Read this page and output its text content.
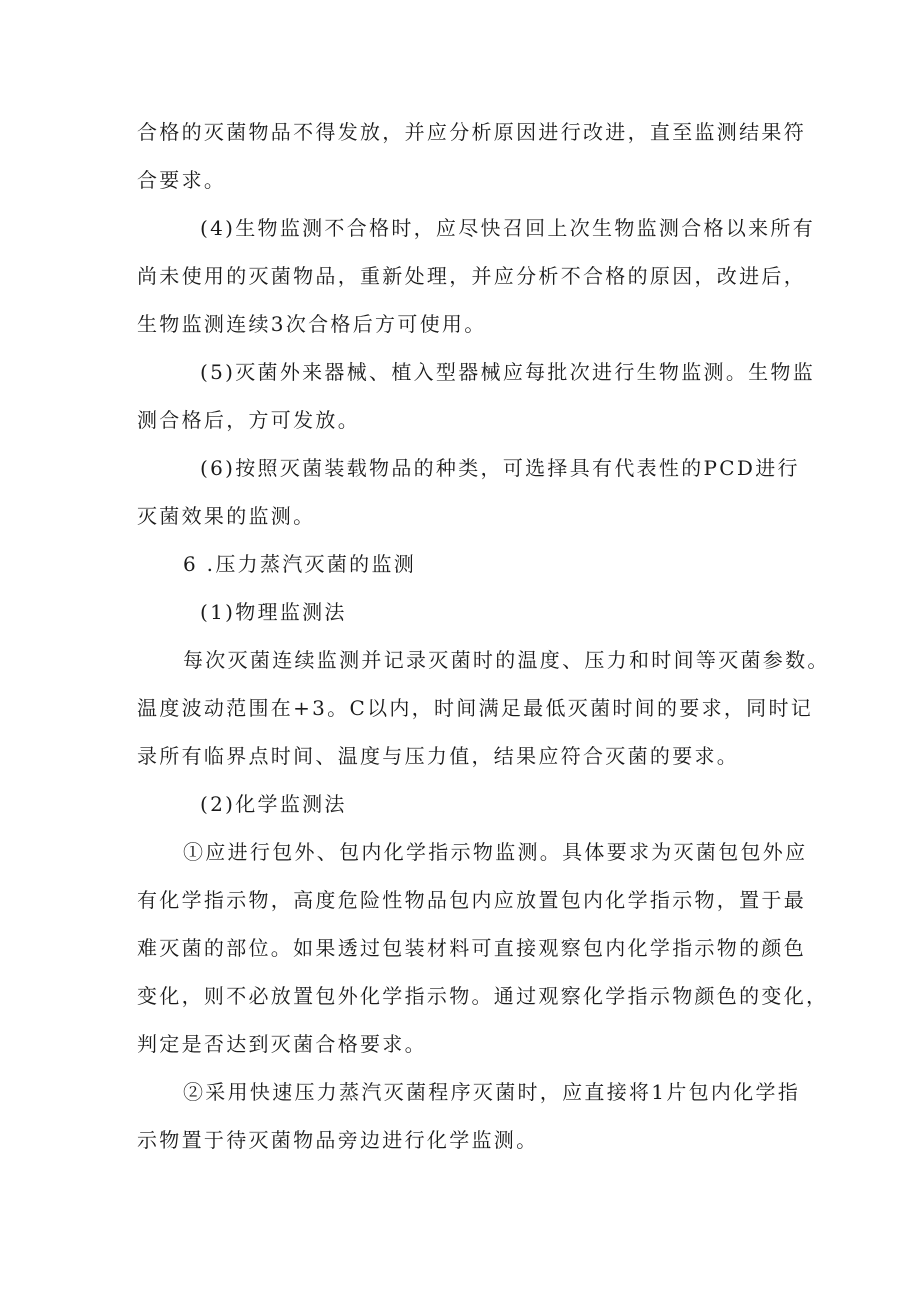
合格的灭菌物品不得发放，并应分析原因进行改进，直至监测结果符
合要求。
(4)生物监测不合格时，应尽快召回上次生物监测合格以来所有
尚未使用的灭菌物品，重新处理，并应分析不合格的原因，改进后，
生物监测连续3次合格后方可使用。
(5)灭菌外来器械、植入型器械应每批次进行生物监测。生物监
测合格后，方可发放。
(6)按照灭菌装载物品的种类，可选择具有代表性的PCD进行
灭菌效果的监测。
6 .压力蒸汽灭菌的监测
(1)物理监测法
每次灭菌连续监测并记录灭菌时的温度、压力和时间等灭菌参数。
温度波动范围在+3。C以内，时间满足最低灭菌时间的要求，同时记
录所有临界点时间、温度与压力值，结果应符合灭菌的要求。
(2)化学监测法
①应进行包外、包内化学指示物监测。具体要求为灭菌包包外应
有化学指示物，高度危险性物品包内应放置包内化学指示物，置于最
难灭菌的部位。如果透过包装材料可直接观察包内化学指示物的颜色
变化，则不必放置包外化学指示物。通过观察化学指示物颜色的变化，
判定是否达到灭菌合格要求。
②采用快速压力蒸汽灭菌程序灭菌时，应直接将1片包内化学指
示物置于待灭菌物品旁边进行化学监测。
